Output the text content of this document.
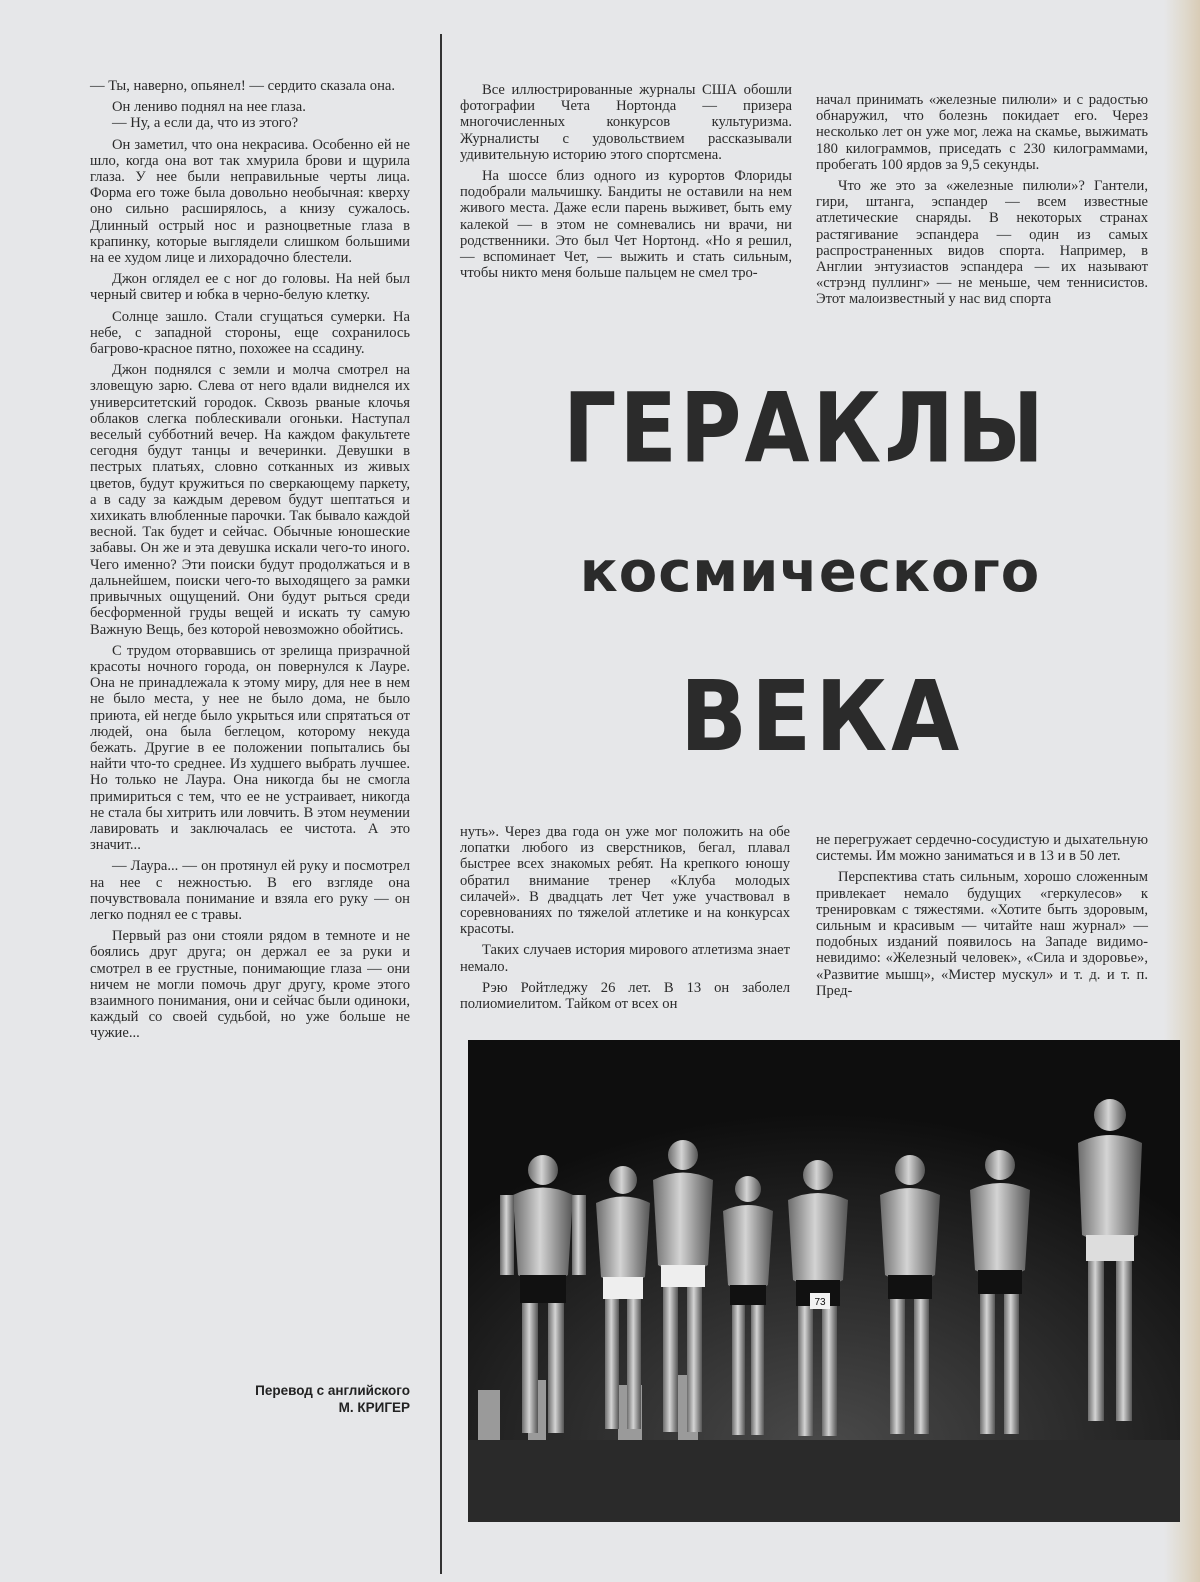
— Ты, наверно, опьянел! — сердито сказала она.

Он лениво поднял на нее глаза.

— Ну, а если да, что из этого?

Он заметил, что она некрасива. Особенно ей не шло, когда она вот так хмурила брови и щурила глаза. У нее были неправильные черты лица. Форма его тоже была довольно необычная: кверху оно сильно расширялось, а книзу сужалось. Длинный острый нос и разноцветные глаза в крапинку, которые выглядели слишком большими на ее худом лице и лихорадочно блестели.

Джон оглядел ее с ног до головы. На ней был черный свитер и юбка в черно-белую клетку.

Солнце зашло. Стали сгущаться сумерки. На небе, с западной стороны, еще сохранилось багрово-красное пятно, похожее на ссадину.

Джон поднялся с земли и молча смотрел на зловещую зарю. Слева от него вдали виднелся их университетский городок. Сквозь рваные клочья облаков слегка поблескивали огоньки. Наступал веселый субботний вечер. На каждом факультете сегодня будут танцы и вечеринки. Девушки в пестрых платьях, словно сотканных из живых цветов, будут кружиться по сверкающему паркету, а в саду за каждым деревом будут шептаться и хихикать влюбленные парочки. Так бывало каждой весной. Так будет и сейчас. Обычные юношеские забавы. Он же и эта девушка искали чего-то иного. Чего именно? Эти поиски будут продолжаться и в дальнейшем, поиски чего-то выходящего за рамки привычных ощущений. Они будут рыться среди бесформенной груды вещей и искать ту самую Важную Вещь, без которой невозможно обойтись.

С трудом оторвавшись от зрелища призрачной красоты ночного города, он повернулся к Лауре. Она не принадлежала к этому миру, для нее в нем не было места, у нее не было дома, не было приюта, ей негде было укрыться или спрятаться от людей, она была беглецом, которому некуда бежать. Другие в ее положении попытались бы найти что-то среднее. Из худшего выбрать лучшее. Но только не Лаура. Она никогда бы не смогла примириться с тем, что ее не устраивает, никогда не стала бы хитрить или ловчить. В этом неумении лавировать и заключалась ее чистота. А это значит...

— Лаура... — он протянул ей руку и посмотрел на нее с нежностью. В его взгляде она почувствовала понимание и взяла его руку — он легко поднял ее с травы.

Первый раз они стояли рядом в темноте и не боялись друг друга; он держал ее за руки и смотрел в ее грустные, понимающие глаза — они ничем не могли помочь друг другу, кроме этого взаимного понимания, они и сейчас были одиноки, каждый со своей судьбой, но уже больше не чужие...

Перевод с английского
М. КРИГЕР

Все иллюстрированные журналы США обошли фотографии Чета Нортонда — призера многочисленных конкурсов культуризма. Журналисты с удовольствием рассказывали удивительную историю этого спортсмена.

На шоссе близ одного из курортов Флориды подобрали мальчишку. Бандиты не оставили на нем живого места. Даже если парень выживет, быть ему калекой — в этом не сомневались ни врачи, ни родственники. Это был Чет Нортонд. «Но я решил, — вспоминает Чет, — выжить и стать сильным, чтобы никто меня больше пальцем не смел тро-

начал принимать «железные пилюли» и с радостью обнаружил, что болезнь покидает его. Через несколько лет он уже мог, лежа на скамье, выжимать 180 килограммов, приседать с 230 килограммами, пробегать 100 ярдов за 9,5 секунды.

Что же это за «железные пилюли»? Гантели, гири, штанга, эспандер — всем известные атлетические снаряды. В некоторых странах растягивание эспандера — один из самых распространенных видов спорта. Например, в Англии энтузиастов эспандера — их называют «стрэнд пуллинг» — не меньше, чем теннисистов. Этот малоизвестный у нас вид спорта

ГЕРАКЛЫ
космического
ВЕКА

нуть». Через два года он уже мог положить на обе лопатки любого из сверстников, бегал, плавал быстрее всех знакомых ребят. На крепкого юношу обратил внимание тренер «Клуба молодых силачей». В двадцать лет Чет уже участвовал в соревнованиях по тяжелой атлетике и на конкурсах красоты.

Таких случаев история мирового атлетизма знает немало.

Рэю Ройтледжу 26 лет. В 13 он заболел полиомиелитом. Тайком от всех он

не перегружает сердечно-сосудистую и дыхательную системы. Им можно заниматься и в 13 и в 50 лет.

Перспектива стать сильным, хорошо сложенным привлекает немало будущих «геркулесов» к тренировкам с тяжестями. «Хотите быть здоровым, сильным и красивым — читайте наш журнал» — подобных изданий появилось на Западе видимо-невидимо: «Железный человек», «Сила и здоровье», «Развитие мышц», «Мистер мускул» и т. д. и т. п. Пред-

73
